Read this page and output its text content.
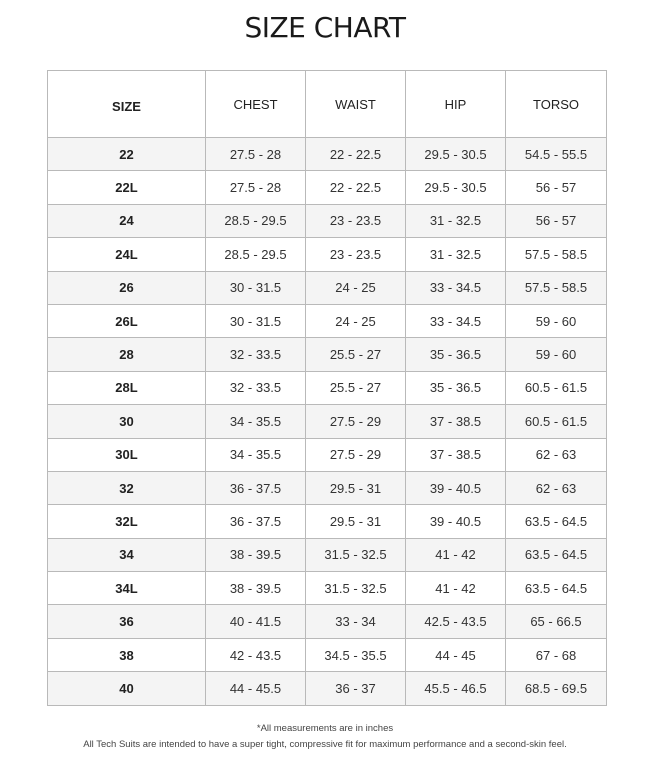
SIZE CHART
SIZE	CHEST	WAIST	HIP	TORSO
22	27.5 - 28	22 - 22.5	29.5 - 30.5	54.5 - 55.5
22L	27.5 - 28	22 - 22.5	29.5 - 30.5	56 - 57
24	28.5 - 29.5	23 - 23.5	31 - 32.5	56 - 57
24L	28.5 - 29.5	23 - 23.5	31 - 32.5	57.5 - 58.5
26	30 - 31.5	24 - 25	33 - 34.5	57.5 - 58.5
26L	30 - 31.5	24 - 25	33 - 34.5	59 - 60
28	32 - 33.5	25.5 - 27	35 - 36.5	59 - 60
28L	32 - 33.5	25.5 - 27	35 - 36.5	60.5 - 61.5
30	34 - 35.5	27.5 - 29	37 - 38.5	60.5 - 61.5
30L	34 - 35.5	27.5 - 29	37 - 38.5	62 - 63
32	36 - 37.5	29.5 - 31	39 - 40.5	62 - 63
32L	36 - 37.5	29.5 - 31	39 - 40.5	63.5 - 64.5
34	38 - 39.5	31.5 - 32.5	41 - 42	63.5 - 64.5
34L	38 - 39.5	31.5 - 32.5	41 - 42	63.5 - 64.5
36	40 - 41.5	33 - 34	42.5 - 43.5	65 - 66.5
38	42 - 43.5	34.5 - 35.5	44 - 45	67 - 68
40	44 - 45.5	36 - 37	45.5 - 46.5	68.5 - 69.5
*All measurements are in inches
All Tech Suits are intended to have a super tight, compressive fit for maximum performance and a second-skin feel.
